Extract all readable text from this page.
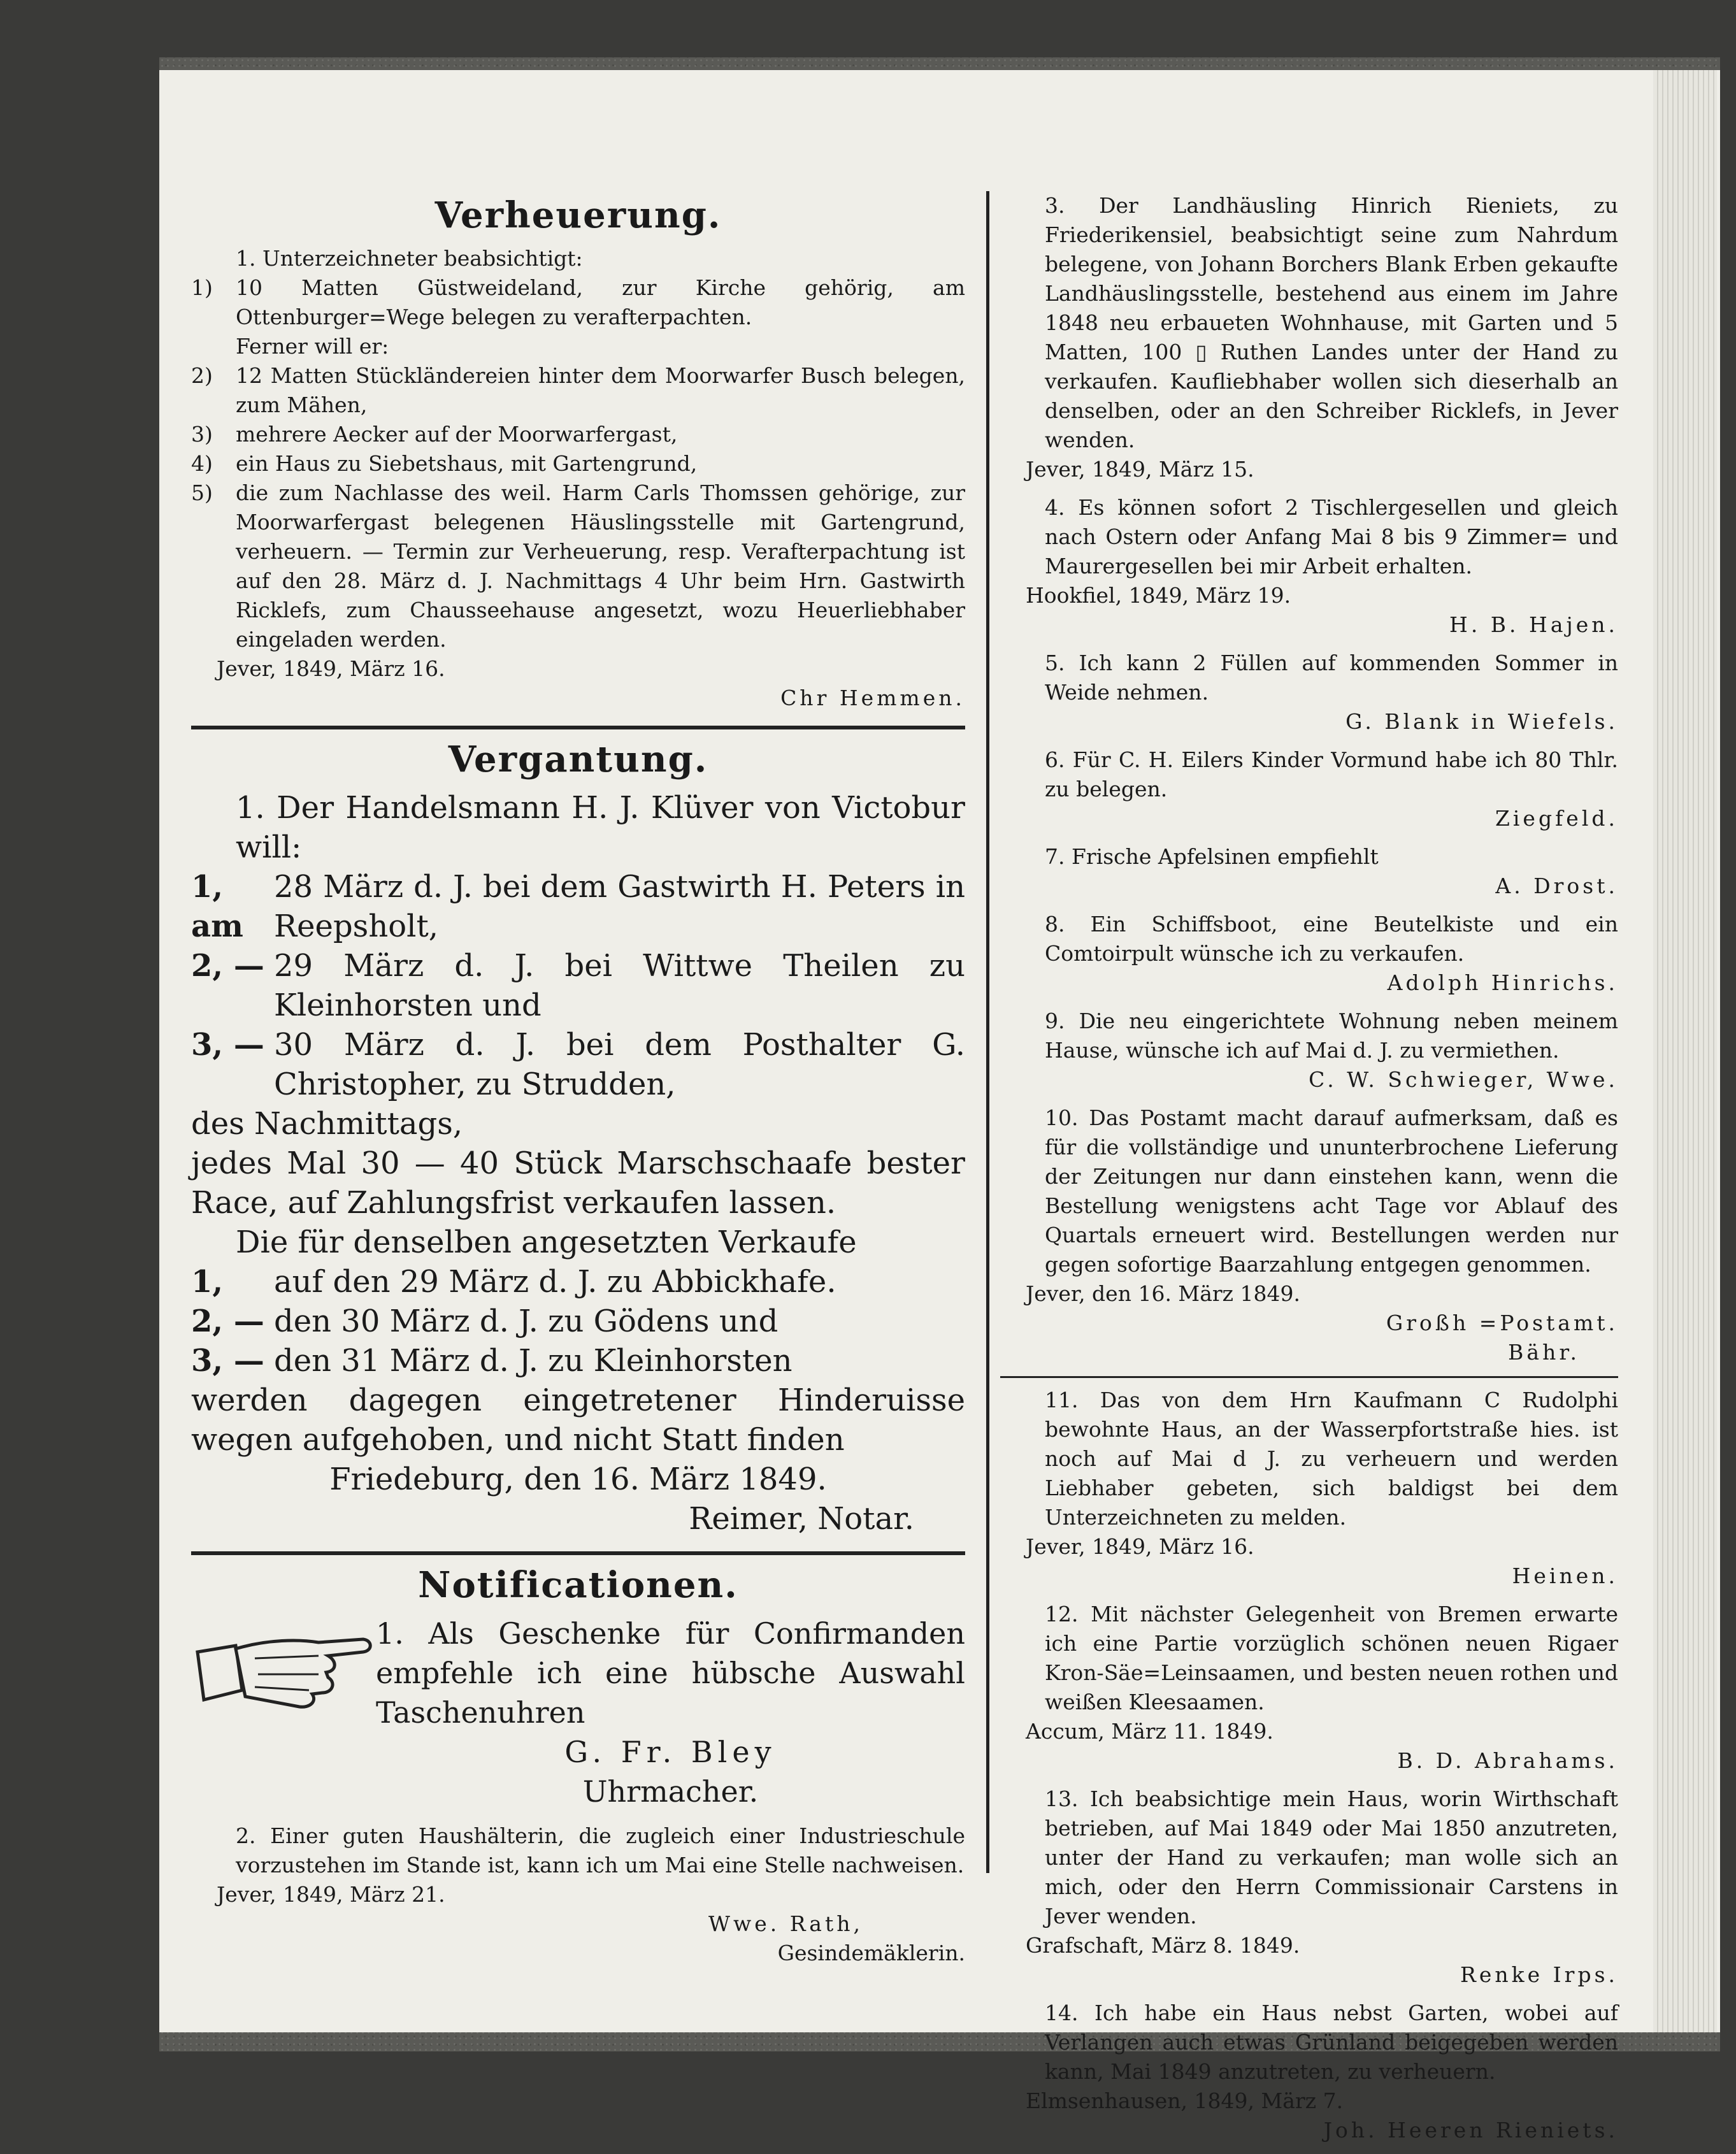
Verheuerung.

1. Unterzeichneter beabsichtigt:

1)	10 Matten Güstweideland, zur Kirche gehörig, am Ottenburger=Wege belegen zu verafterpachten.
Ferner will er:
2)	12 Matten Stückländereien hinter dem Moorwarfer Busch belegen, zum Mähen,
3)	mehrere Aecker auf der Moorwarfergast,
4)	ein Haus zu Siebetshaus, mit Gartengrund,
5)	die zum Nachlasse des weil. Harm Carls Thomssen gehörige, zur Moorwarfergast belegenen Häuslingsstelle mit Gartengrund, verheuern. — Termin zur Verheuerung, resp. Verafterpachtung ist auf den 28. März d. J. Nachmittags 4 Uhr beim Hrn. Gastwirth Ricklefs, zum Chausseehause angesetzt, wozu Heuerliebhaber eingeladen werden.
Jever, 1849, März 16.
Chr Hemmen.
Vergantung.

1. Der Handelsmann H. J. Klüver von Victobur will:

1, am
28 März d. J. bei dem Gastwirth H. Peters in Reepsholt,
2, — 29 März d. J. bei Wittwe Theilen zu Kleinhorsten und
3, — 30 März d. J. bei dem Posthalter G. Christopher, zu Strudden,

des Nachmittags,

jedes Mal 30 — 40 Stück Marschschaafe bester Race, auf Zahlungsfrist verkaufen lassen.

Die für denselben angesetzten Verkaufe

1,	auf den 29 März d. J. zu Abbickhafe.
2, — den 30 März d. J. zu Gödens und
3, — den 31 März d. J. zu Kleinhorsten

werden dagegen eingetretener Hinderuisse wegen aufgehoben, und nicht Statt finden

Friedeburg, den 16. März 1849.

Reimer, Notar.

Notificationen.

1. Als Geschenke für Confirmanden empfehle ich eine hübsche Auswahl Taschenuhren

G. Fr. Bley

Uhrmacher.

2. Einer guten Haushälterin, die zugleich einer Industrieschule vorzustehen im Stande ist, kann ich um Mai eine Stelle nachweisen.

Jever, 1849, März 21.
Wwe. Rath,
Gesindemäklerin.

3. Der Landhäusling Hinrich Rieniets, zu Friederikensiel, beabsichtigt seine zum Nahrdum belegene, von Johann Borchers Blank Erben gekaufte Landhäuslingsstelle, bestehend aus einem im Jahre 1848 neu erbaueten Wohnhause, mit Garten und 5 Matten, 100 ▯ Ruthen Landes unter der Hand zu verkaufen. Kaufliebhaber wollen sich dieserhalb an denselben, oder an den Schreiber Ricklefs, in Jever wenden.

Jever, 1849, März 15.

4. Es können sofort 2 Tischlergesellen und gleich nach Ostern oder Anfang Mai 8 bis 9 Zimmer= und Maurergesellen bei mir Arbeit erhalten.

Hookfiel, 1849, März 19.
H. B. Hajen.

5. Ich kann 2 Füllen auf kommenden Sommer in Weide nehmen.

G. Blank in Wiefels.

6. Für C. H. Eilers Kinder Vormund habe ich 80 Thlr. zu belegen.

Ziegfeld.

7. Frische Apfelsinen empfiehlt

A. Drost.

8. Ein Schiffsboot, eine Beutelkiste und ein Comtoirpult wünsche ich zu verkaufen.

Adolph Hinrichs.

9. Die neu eingerichtete Wohnung neben meinem Hause, wünsche ich auf Mai d. J. zu vermiethen.

C. W. Schwieger, Wwe.

10. Das Postamt macht darauf aufmerksam, daß es für die vollständige und ununterbrochene Lieferung der Zeitungen nur dann einstehen kann, wenn die Bestellung wenigstens acht Tage vor Ablauf des Quartals erneuert wird. Bestellungen werden nur gegen sofortige Baarzahlung entgegen genommen.

Jever, den 16. März 1849.
Großh =Postamt.
Bähr.

11. Das von dem Hrn Kaufmann C Rudolphi bewohnte Haus, an der Wasserpfortstraße hies. ist noch auf Mai d J. zu verheuern und werden Liebhaber gebeten, sich baldigst bei dem Unterzeichneten zu melden.

Jever, 1849, März 16.
Heinen.

12. Mit nächster Gelegenheit von Bremen erwarte ich eine Partie vorzüglich schönen neuen Rigaer Kron-Säe=Leinsaamen, und besten neuen rothen und weißen Kleesaamen.

Accum, März 11. 1849.
B. D. Abrahams.

13. Ich beabsichtige mein Haus, worin Wirthschaft betrieben, auf Mai 1849 oder Mai 1850 anzutreten, unter der Hand zu verkaufen; man wolle sich an mich, oder den Herrn Commissionair Carstens in Jever wenden.

Grafschaft, März 8. 1849.
Renke Irps.

14. Ich habe ein Haus nebst Garten, wobei auf Verlangen auch etwas Grünland beigegeben werden kann, Mai 1849 anzutreten, zu verheuern.

Elmsenhausen, 1849, März 7.
Joh. Heeren Rieniets.
